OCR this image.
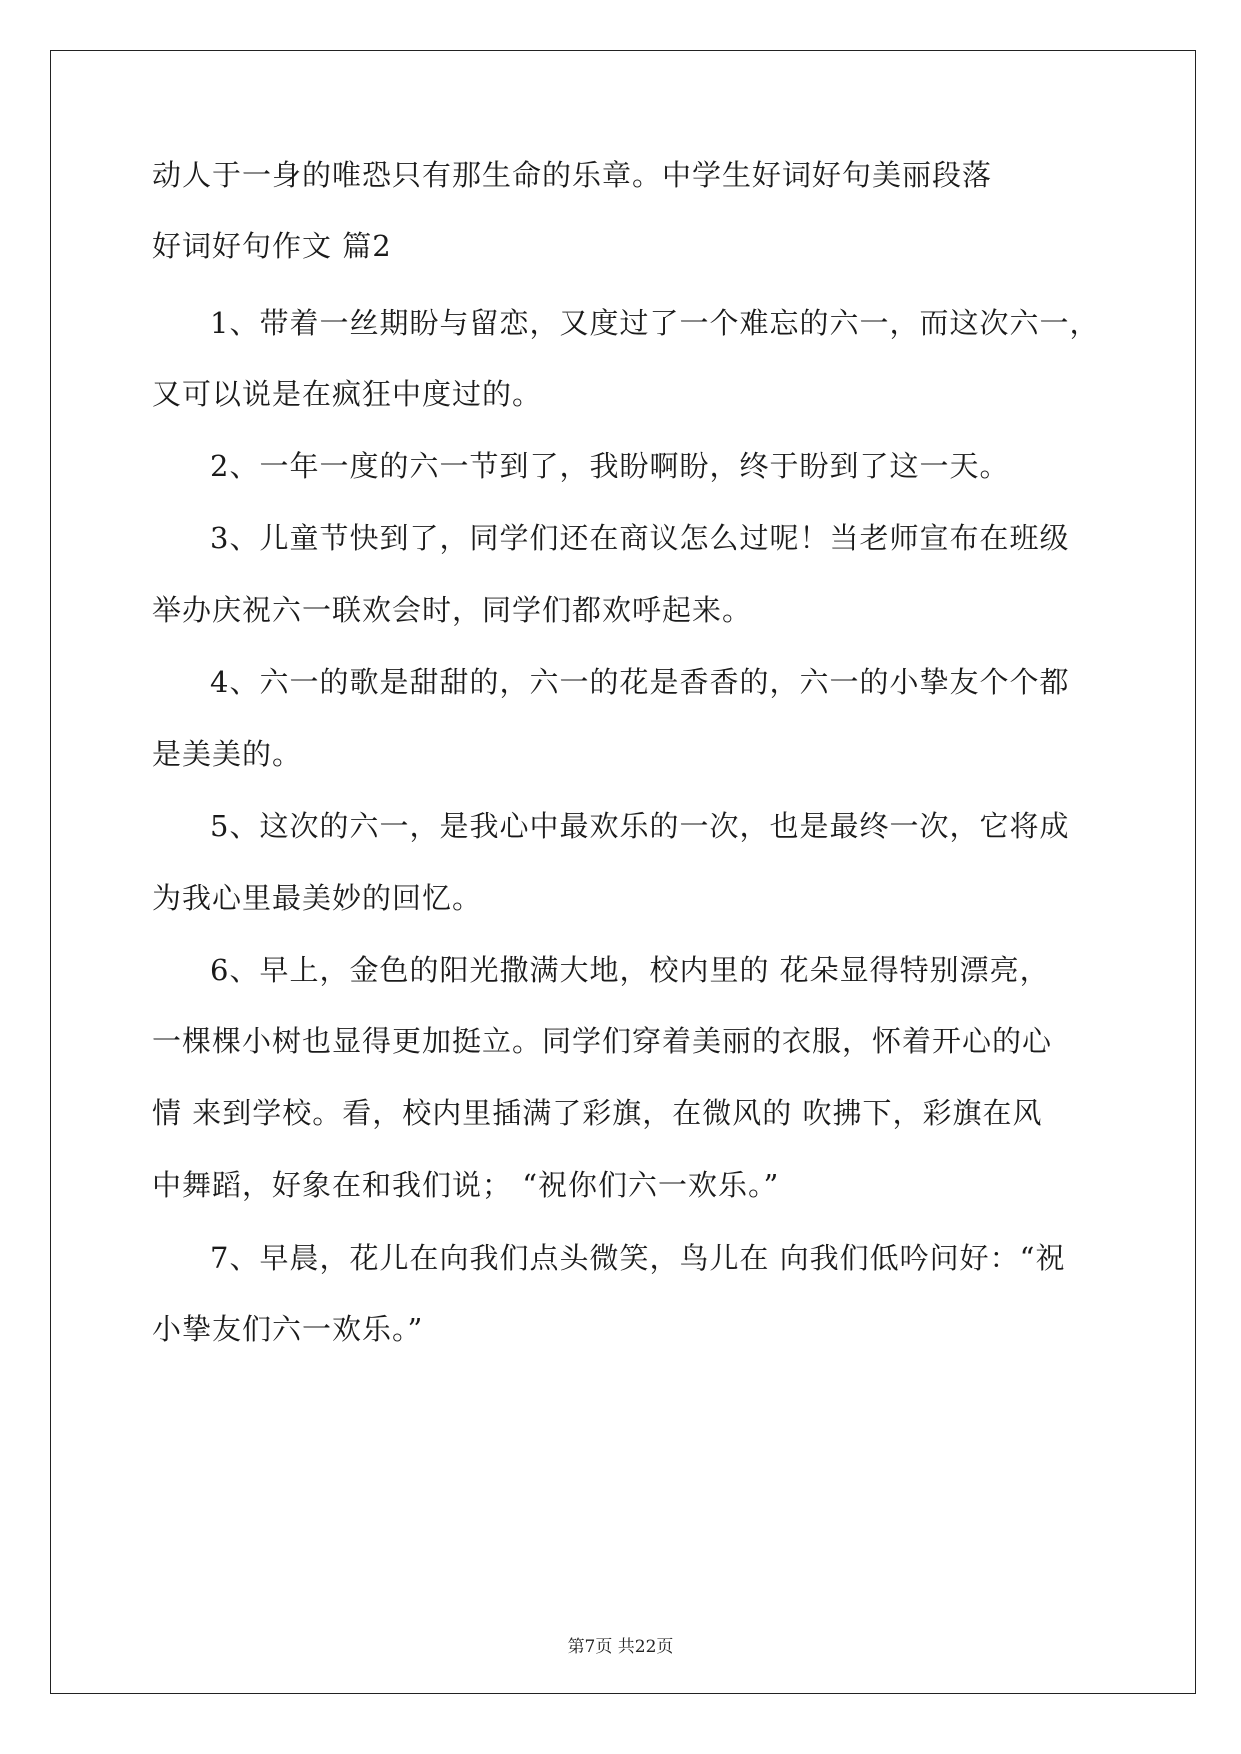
动人于一身的唯恐只有那生命的乐章。中学生好词好句美丽段落
好词好句作文 篇2
1、带着一丝期盼与留恋，又度过了一个难忘的六一，而这次六一，
又可以说是在疯狂中度过的。
2、一年一度的六一节到了，我盼啊盼，终于盼到了这一天。
3、儿童节快到了，同学们还在商议怎么过呢！当老师宣布在班级
举办庆祝六一联欢会时，同学们都欢呼起来。
4、六一的歌是甜甜的，六一的花是香香的，六一的小挚友个个都
是美美的。
5、这次的六一，是我心中最欢乐的一次，也是最终一次，它将成
为我心里最美妙的回忆。
6、早上，金色的阳光撒满大地，校内里的 花朵显得特别漂亮，
一棵棵小树也显得更加挺立。同学们穿着美丽的衣服，怀着开心的心
情 来到学校。看，校内里插满了彩旗，在微风的 吹拂下，彩旗在风
中舞蹈，好象在和我们说； “祝你们六一欢乐。”
7、早晨，花儿在向我们点头微笑，鸟儿在 向我们低吟问好：“祝
小挚友们六一欢乐。”
第7页 共22页
